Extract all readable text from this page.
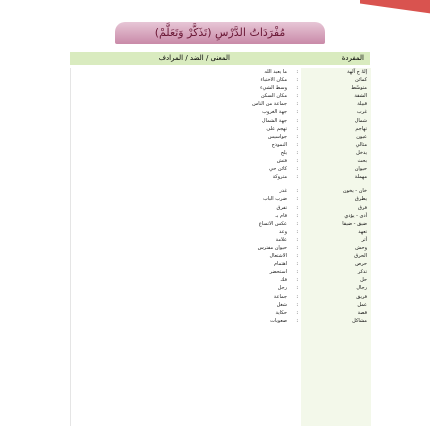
مُفْرَدَاتُ الدَّرْسِ (تَذَكَّرْ وَتَعَلَّمْ)
المفردة
المعنى / الضد / المرادف
إلهٌ ج آلهة
كمائن
متوسّط
الشقة
قبيلة
غرب
شمال
تهاجم
عيون
مثالي
يدخل
بحث
حيوان
مهملة
خان - يخون
يطرق
فرق
أدى - يؤدي
ضيق - ضيقا
تعهد
أثر
وحش
الحرق
حرص
تذكر
حل
رجال
فريق
عمل
قصة
مشاكل
:
:
:
:
:
:
:
:
:
:
:
:
:
:
:
:
:
:
:
:
:
:
:
:
:
:
:
:
:
:
:
ما يعبد الله
مكان الاختباء
وسط الشيء
مكان السكن
جماعة من الناس
جهة الغروب
جهة الشمال
تهجم على
جواسيس
النموذج
يلج
فتش
كائن حي
متروكة
غدر
ضرب الباب
تفرق
قام بـ
عكس الاتساع
وعد
علامة
حيوان مفترس
الاشتعال
اهتمام
استحضر
فك
رجل
جماعة
شغل
حكاية
صعوبات
